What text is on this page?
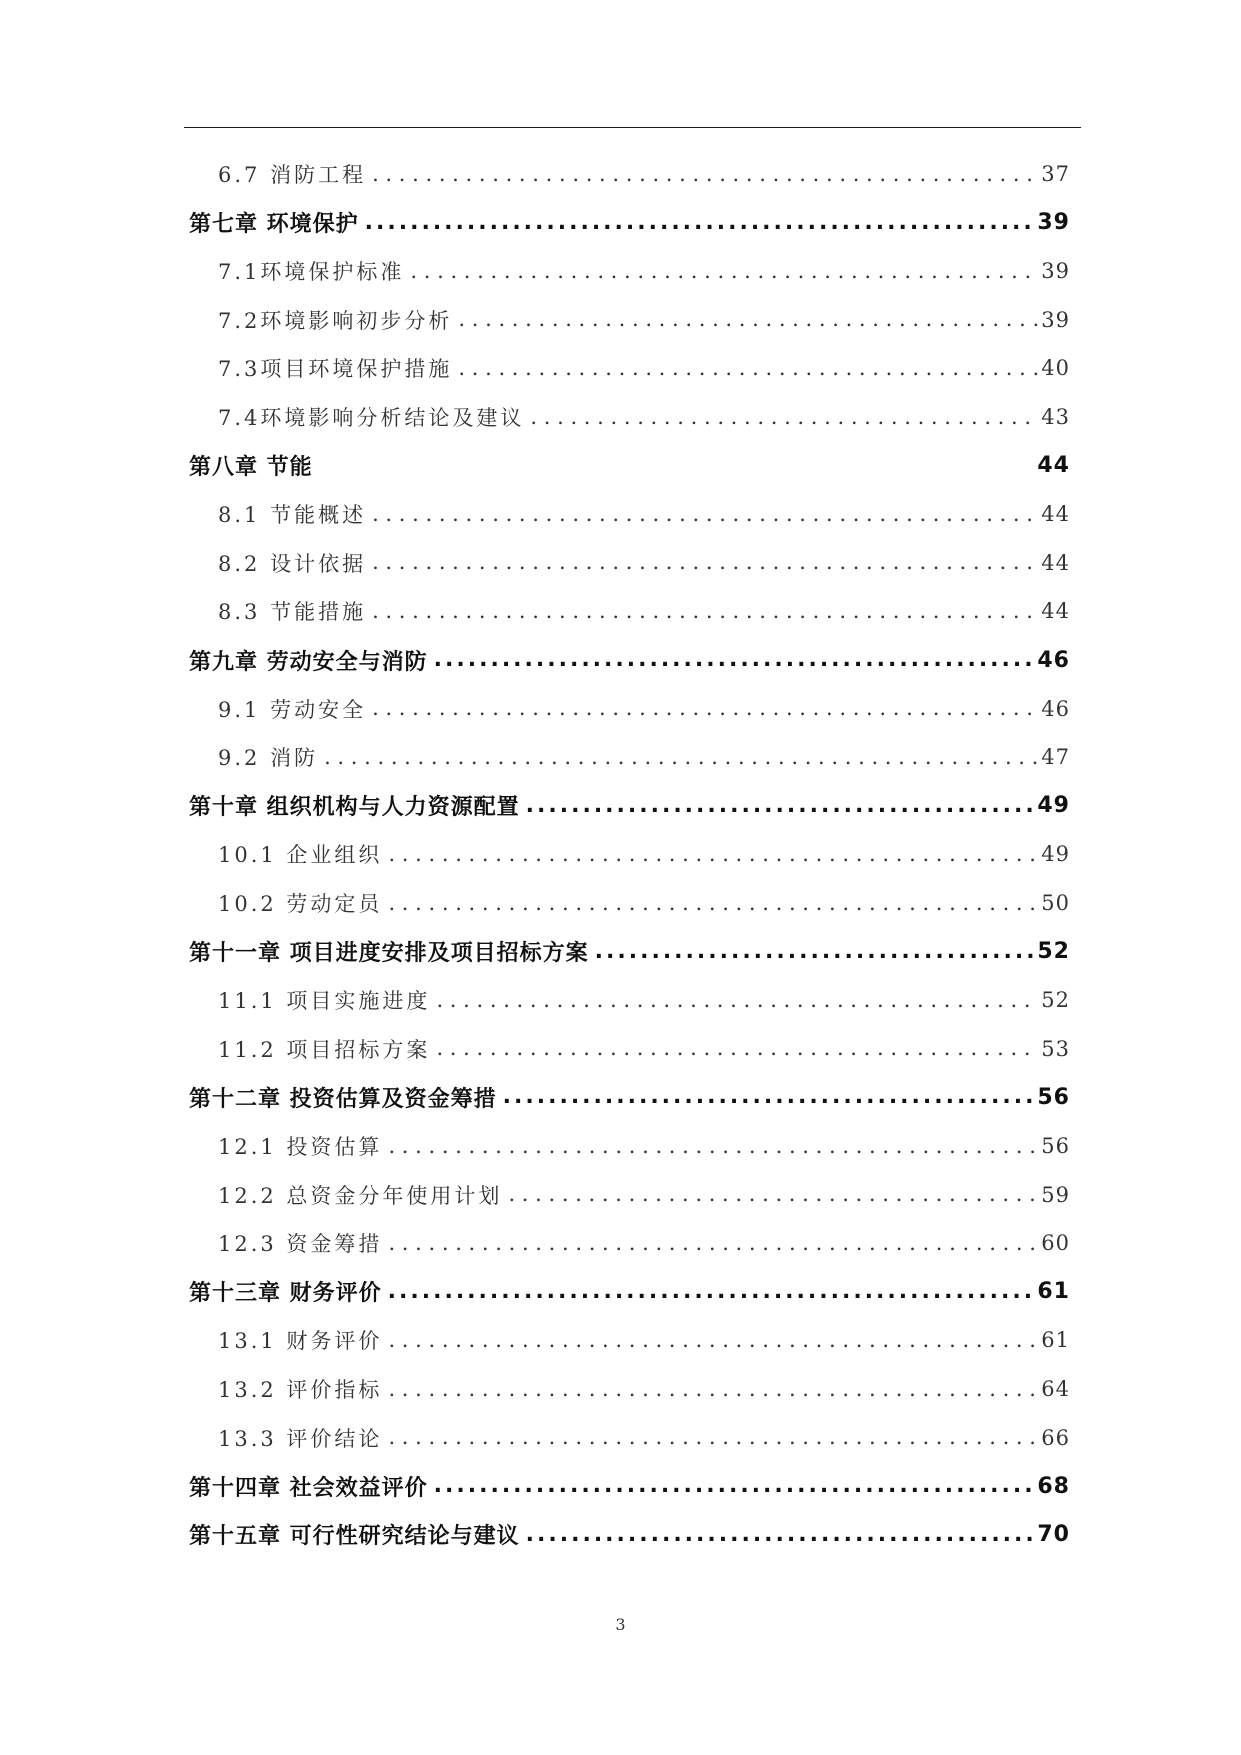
6.7 消防工程 . . .	37
第七章 环境保护 .....	39
7.1环境保护标准 . . .	39
7.2环境影响初步分析 . . .	39
7.3项目环境保护措施 . . .	40
7.4环境影响分析结论及建议 . . .	43
第八章 节能	44
8.1 节能概述 . . .	44
8.2 设计依据 . . .	44
8.3 节能措施 . . .	44
第九章 劳动安全与消防 .....	46
9.1 劳动安全 . . .	46
9.2 消防 . . .	47
第十章 组织机构与人力资源配置 .....	49
10.1 企业组织 . . .	49
10.2 劳动定员 . . .	50
第十一章 项目进度安排及项目招标方案 .....	52
11.1 项目实施进度 . . .	52
11.2 项目招标方案 . . .	53
第十二章 投资估算及资金筹措 .....	56
12.1 投资估算 . . .	56
12.2 总资金分年使用计划 . . .	59
12.3 资金筹措 . . .	60
第十三章 财务评价 .....	61
13.1 财务评价 . . .	61
13.2 评价指标 . . .	64
13.3 评价结论 . . .	66
第十四章 社会效益评价 .....	68
第十五章 可行性研究结论与建议 .....	70
3
